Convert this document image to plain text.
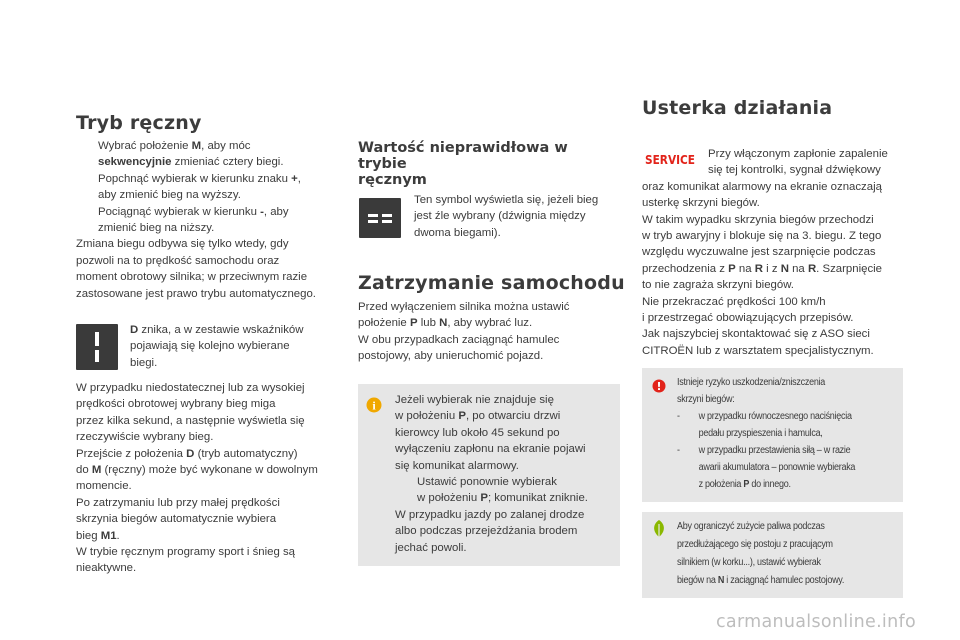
Tryb ręczny
Wybrać położenie M, aby móc
sekwencyjnie zmieniać cztery biegi.
Popchnąć wybierak w kierunku znaku +,
aby zmienić bieg na wyższy.
Pociągnąć wybierak w kierunku -, aby
zmienić bieg na niższy.
Zmiana biegu odbywa się tylko wtedy, gdy
pozwoli na to prędkość samochodu oraz
moment obrotowy silnika; w przeciwnym razie
zastosowane jest prawo trybu automatycznego.
D znika, a w zestawie wskaźników
pojawiają się kolejno wybierane
biegi.
W przypadku niedostatecznej lub za wysokiej
prędkości obrotowej wybrany bieg miga
przez kilka sekund, a następnie wyświetla się
rzeczywiście wybrany bieg.
Przejście z położenia D (tryb automatyczny)
do M (ręczny) może być wykonane w dowolnym
momencie.
Po zatrzymaniu lub przy małej prędkości
skrzynia biegów automatycznie wybiera
bieg M1.
W trybie ręcznym programy sport i śnieg są
nieaktywne.
Wartość nieprawidłowa w trybie
ręcznym
Ten symbol wyświetla się, jeżeli bieg
jest źle wybrany (dźwignia między
dwoma biegami).
Zatrzymanie samochodu
Przed wyłączeniem silnika można ustawić
położenie P lub N, aby wybrać luz.
W obu przypadkach zaciągnąć hamulec
postojowy, aby unieruchomić pojazd.
i Jeżeli wybierak nie znajduje się
w położeniu P, po otwarciu drzwi
kierowcy lub około 45 sekund po
wyłączeniu zapłonu na ekranie pojawi
się komunikat alarmowy.
Ustawić ponownie wybierak
w położeniu P; komunikat zniknie.
W przypadku jazdy po zalanej drodze
albo podczas przejeżdżania brodem
jechać powoli.
Usterka działania
SERVICE Przy włączonym zapłonie zapalenie
się tej kontrolki, sygnał dźwiękowy
oraz komunikat alarmowy na ekranie oznaczają
usterkę skrzyni biegów.
W takim wypadku skrzynia biegów przechodzi
w tryb awaryjny i blokuje się na 3. biegu. Z tego
względu wyczuwalne jest szarpnięcie podczas
przechodzenia z P na R i z N na R. Szarpnięcie
to nie zagraża skrzyni biegów.
Nie przekraczać prędkości 100 km/h
i przestrzegać obowiązujących przepisów.
Jak najszybciej skontaktować się z ASO sieci
CITROËN lub z warsztatem specjalistycznym.
! Istnieje ryzyko uszkodzenia/zniszczenia
skrzyni biegów:
-	w przypadku równoczesnego naciśnięcia
pedału przyspieszenia i hamulca,
-	w przypadku przestawienia siłą – w razie
awarii akumulatora – ponownie wybieraka
z położenia P do innego.
Aby ograniczyć zużycie paliwa podczas
przedłużającego się postoju z pracującym
silnikiem (w korku...), ustawić wybierak
biegów na N i zaciągnąć hamulec postojowy.
carmanualsonline.info
